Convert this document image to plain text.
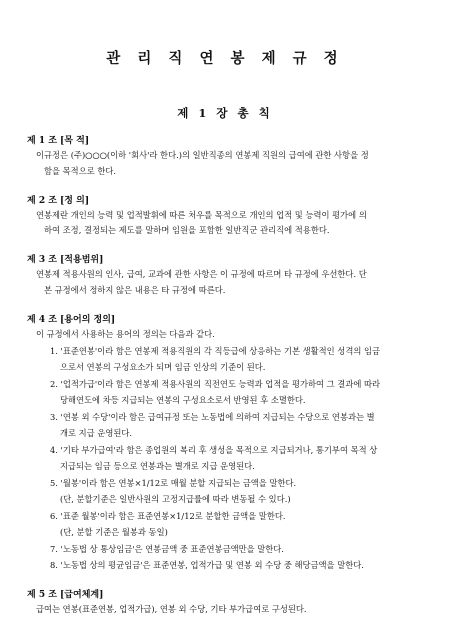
관 리 직 연 봉 제 규 정
제 1 장 총 칙
제 1 조 [목 적]
이규정은 (주)○○○(이하 '회사'라 한다.)의 일반직종의 연봉제 직원의 급여에 관한 사항을 정
함을 목적으로 한다.
제 2 조 [정 의]
연봉제란 개인의 능력 및 업적발휘에 따른 처우를 목적으로 개인의 업적 및 능력이 평가에 의
하여 조정, 결정되는 제도를 말하며 임원을 포함한 일반직군 관리직에 적용한다.
제 3 조 [적용범위]
연봉제 적용사원의 인사, 급여, 교과에 관한 사항은 이 규정에 따르며 타 규정에 우선한다. 단
본 규정에서 정하지 않은 내용은 타 규정에 따른다.
제 4 조 [용어의 정의]
이 규정에서 사용하는 용어의 정의는 다음과 같다.
1. '표준연봉'이라 함은 연봉제 적용직원의 각 직등급에 상응하는 기본 생활적인 성격의 임금
으로서 연봉의 구성요소가 되며 임금 인상의 기준이 된다.
2. '업적가급'이라 함은 연봉제 적용사원의 직전연도 능력과 업적을 평가하여 그 결과에 따라
당해연도에 차등 지급되는 연봉의 구성요소로서 반영된 후 소멸한다.
3. '연봉 외 수당'이라 함은 급여규정 또는 노동법에 의하여 지급되는 수당으로 연봉과는 별
개로 지급 운영된다.
4. '기타 부가급여'라 함은 종업원의 복리 후 생성을 목적으로 지급되거나, 통기부여 목적 상
지급되는 임금 등으로 연봉과는 별개로 지급 운영된다.
5. '월봉'이라 함은 연봉×1/12로 매월 분할 지급되는 금액을 말한다.
(단, 분할기준은 일반사원의 고정지급률에 따라 변동될 수 있다.)
6. '표준 월봉'이라 함은 표준연봉×1/12로 분할한 금액을 말한다.
(단, 분할 기준은 월봉과 동일)
7. '노동법 상 통상임금'은 연봉금액 중 표준연봉금액만을 말한다.
8. '노동법 상의 평균임금'은 표준연봉, 업적가급 및 연봉 외 수당 중 해당금액을 말한다.
제 5 조 [급여체계]
급여는 연봉(표준연봉, 업적가급), 연봉 외 수당, 기타 부가급여로 구성된다.
